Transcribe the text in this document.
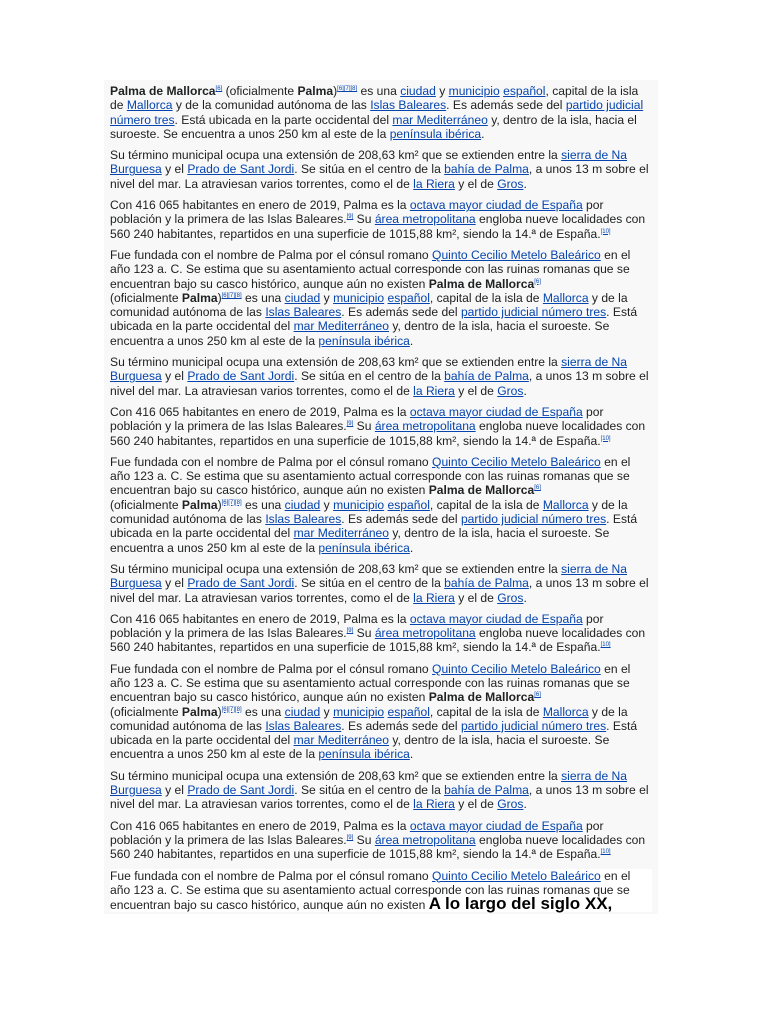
Palma de Mallorca[6] (oficialmente Palma)[6][7][8] es una ciudad y municipio español, capital de la isla de Mallorca y de la comunidad autónoma de las Islas Baleares. Es además sede del partido judicial número tres. Está ubicada en la parte occidental del mar Mediterráneo y, dentro de la isla, hacia el suroeste. Se encuentra a unos 250 km al este de la península ibérica.

Su término municipal ocupa una extensión de 208,63 km² que se extienden entre la sierra de Na Burguesa y el Prado de Sant Jordi. Se sitúa en el centro de la bahía de Palma, a unos 13 m sobre el nivel del mar. La atraviesan varios torrentes, como el de la Riera y el de Gros.

Con 416 065 habitantes en enero de 2019, Palma es la octava mayor ciudad de España por población y la primera de las Islas Baleares.[9] Su área metropolitana engloba nueve localidades con 560 240 habitantes, repartidos en una superficie de 1015,88 km², siendo la 14.ª de España.[10]

Fue fundada con el nombre de Palma por el cónsul romano Quinto Cecilio Metelo Baleárico en el año 123 a. C. Se estima que su asentamiento actual corresponde con las ruinas romanas que se encuentran bajo su casco histórico, aunque aún no existen Palma de Mallorca[6]
(oficialmente Palma)[6][7][8] es una ciudad y municipio español, capital de la isla de Mallorca y de la comunidad autónoma de las Islas Baleares. Es además sede del partido judicial número tres. Está ubicada en la parte occidental del mar Mediterráneo y, dentro de la isla, hacia el suroeste. Se encuentra a unos 250 km al este de la península ibérica.

Su término municipal ocupa una extensión de 208,63 km² que se extienden entre la sierra de Na Burguesa y el Prado de Sant Jordi. Se sitúa en el centro de la bahía de Palma, a unos 13 m sobre el nivel del mar. La atraviesan varios torrentes, como el de la Riera y el de Gros.

Con 416 065 habitantes en enero de 2019, Palma es la octava mayor ciudad de España por población y la primera de las Islas Baleares.[9] Su área metropolitana engloba nueve localidades con 560 240 habitantes, repartidos en una superficie de 1015,88 km², siendo la 14.ª de España.[10]

Fue fundada con el nombre de Palma por el cónsul romano Quinto Cecilio Metelo Baleárico en el año 123 a. C. Se estima que su asentamiento actual corresponde con las ruinas romanas que se encuentran bajo su casco histórico, aunque aún no existen Palma de Mallorca[6]
(oficialmente Palma)[6][7][8] es una ciudad y municipio español, capital de la isla de Mallorca y de la comunidad autónoma de las Islas Baleares. Es además sede del partido judicial número tres. Está ubicada en la parte occidental del mar Mediterráneo y, dentro de la isla, hacia el suroeste. Se encuentra a unos 250 km al este de la península ibérica.

Su término municipal ocupa una extensión de 208,63 km² que se extienden entre la sierra de Na Burguesa y el Prado de Sant Jordi. Se sitúa en el centro de la bahía de Palma, a unos 13 m sobre el nivel del mar. La atraviesan varios torrentes, como el de la Riera y el de Gros.

Con 416 065 habitantes en enero de 2019, Palma es la octava mayor ciudad de España por población y la primera de las Islas Baleares.[9] Su área metropolitana engloba nueve localidades con 560 240 habitantes, repartidos en una superficie de 1015,88 km², siendo la 14.ª de España.[10]

Fue fundada con el nombre de Palma por el cónsul romano Quinto Cecilio Metelo Baleárico en el año 123 a. C. Se estima que su asentamiento actual corresponde con las ruinas romanas que se encuentran bajo su casco histórico, aunque aún no existen Palma de Mallorca[6]
(oficialmente Palma)[6][7][8] es una ciudad y municipio español, capital de la isla de Mallorca y de la comunidad autónoma de las Islas Baleares. Es además sede del partido judicial número tres. Está ubicada en la parte occidental del mar Mediterráneo y, dentro de la isla, hacia el suroeste. Se encuentra a unos 250 km al este de la península ibérica.

Su término municipal ocupa una extensión de 208,63 km² que se extienden entre la sierra de Na Burguesa y el Prado de Sant Jordi. Se sitúa en el centro de la bahía de Palma, a unos 13 m sobre el nivel del mar. La atraviesan varios torrentes, como el de la Riera y el de Gros.

Con 416 065 habitantes en enero de 2019, Palma es la octava mayor ciudad de España por población y la primera de las Islas Baleares.[9] Su área metropolitana engloba nueve localidades con 560 240 habitantes, repartidos en una superficie de 1015,88 km², siendo la 14.ª de España.[10]

Fue fundada con el nombre de Palma por el cónsul romano Quinto Cecilio Metelo Baleárico en el año 123 a. C. Se estima que su asentamiento actual corresponde con las ruinas romanas que se encuentran bajo su casco histórico, aunque aún no existen A lo largo del siglo XX,
